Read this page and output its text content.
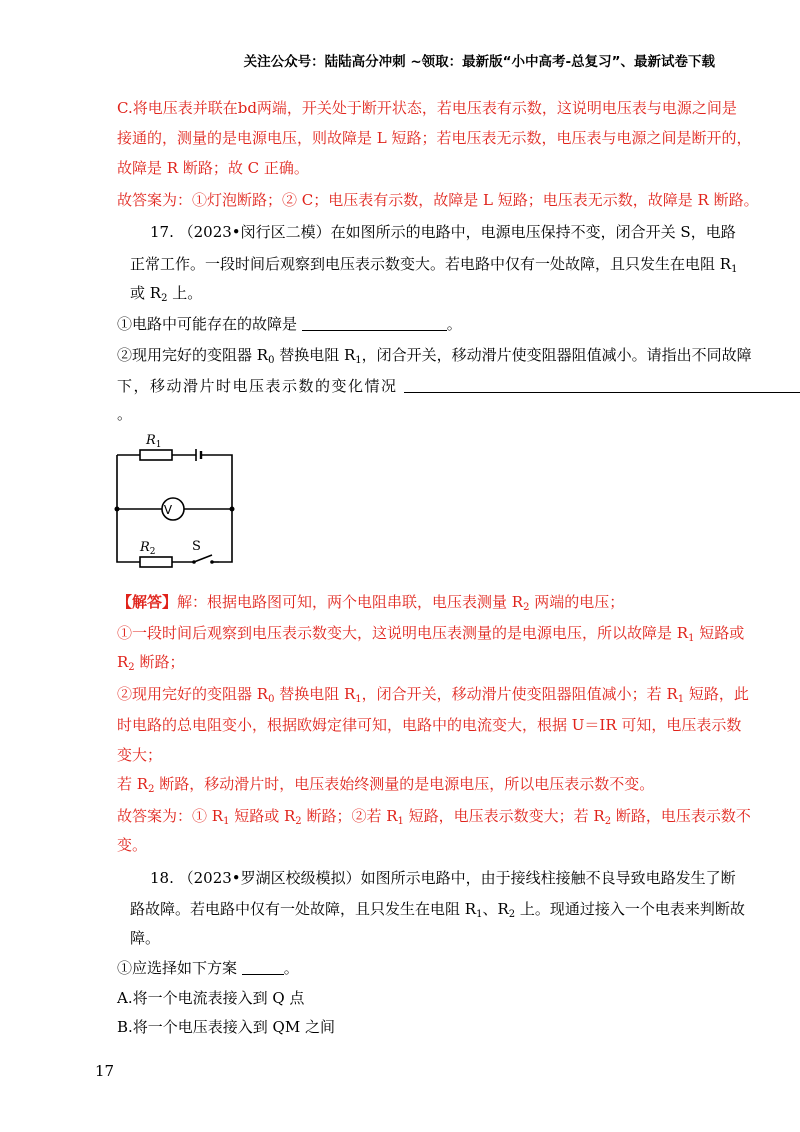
关注公众号：陆陆高分冲刺 ~领取：最新版“小中高考-总复习”、最新试卷下载
C.将电压表并联在bd两端，开关处于断开状态，若电压表有示数，这说明电压表与电源之间是
接通的，测量的是电源电压，则故障是 L 短路；若电压表无示数，电压表与电源之间是断开的，
故障是 R 断路；故 C 正确。
故答案为：①灯泡断路；② C；电压表有示数，故障是 L 短路；电压表无示数，故障是 R 断路。
17. （2023•闵行区二模）在如图所示的电路中，电源电压保持不变，闭合开关 S，电路
正常工作。一段时间后观察到电压表示数变大。若电路中仅有一处故障，且只发生在电阻 $R_1$
或 $R_2$ 上。
①电路中可能存在的故障是	。
②现用完好的变阻器 $R_0$ 替换电阻 $R_1$，闭合开关，移动滑片使变阻器阻值减小。请指出不同故障
下，移动滑片时电压表示数的变化情况
。
$R_1$
V
$R_2$	S
【解答】解：根据电路图可知，两个电阻串联，电压表测量 $R_2$ 两端的电压；
①一段时间后观察到电压表示数变大，这说明电压表测量的是电源电压，所以故障是 $R_1$ 短路或
$R_2$ 断路；
②现用完好的变阻器 $R_0$ 替换电阻 $R_1$，闭合开关，移动滑片使变阻器阻值减小；若 $R_1$ 短路，此
时电路的总电阻变小，根据欧姆定律可知，电路中的电流变大，根据 U＝IR 可知，电压表示数
变大；
若 $R_2$ 断路，移动滑片时，电压表始终测量的是电源电压，所以电压表示数不变。
故答案为：① $R_1$ 短路或 $R_2$ 断路；②若 $R_1$ 短路，电压表示数变大；若 $R_2$ 断路，电压表示数不
变。
18. （2023•罗湖区校级模拟）如图所示电路中，由于接线柱接触不良导致电路发生了断
路故障。若电路中仅有一处故障，且只发生在电阻 $R_1$、$R_2$ 上。现通过接入一个电表来判断故
障。
①应选择如下方案	。
A.将一个电流表接入到 Q 点
B.将一个电压表接入到 QM 之间
17
